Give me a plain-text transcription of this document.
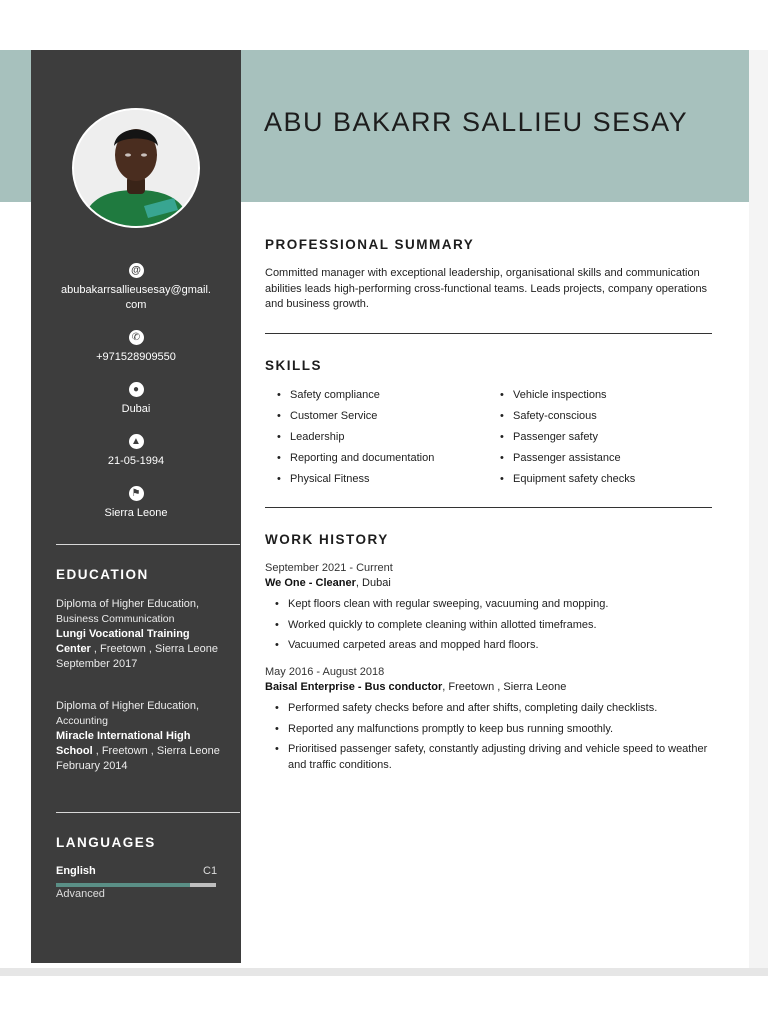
@
abubakarrsallieusesay@gmail.
com
✆
+971528909550
●
Dubai
▲
21-05-1994
⚑
Sierra Leone
EDUCATION
Diploma of Higher Education,
Business Communication
Lungi Vocational Training Center , Freetown , Sierra Leone
September 2017
Diploma of Higher Education,
Accounting
Miracle International High School , Freetown , Sierra Leone
February 2014
LANGUAGES
English	C1
Advanced
ABU BAKARR SALLIEU SESAY
PROFESSIONAL SUMMARY
Committed manager with exceptional leadership, organisational skills and communication abilities leads high-performing cross-functional teams. Leads projects, company operations and business growth.
SKILLS
• Safety compliance
• Customer Service
• Leadership
• Reporting and documentation
• Physical Fitness
• Vehicle inspections
• Safety-conscious
• Passenger safety
• Passenger assistance
• Equipment safety checks
WORK HISTORY
September 2021 - Current
We One - Cleaner, Dubai
• Kept floors clean with regular sweeping, vacuuming and mopping.
• Worked quickly to complete cleaning within allotted timeframes.
• Vacuumed carpeted areas and mopped hard floors.
May 2016 - August 2018
Baisal Enterprise - Bus conductor, Freetown , Sierra Leone
• Performed safety checks before and after shifts, completing daily checklists.
• Reported any malfunctions promptly to keep bus running smoothly.
• Prioritised passenger safety, constantly adjusting driving and vehicle speed to weather and traffic conditions.
